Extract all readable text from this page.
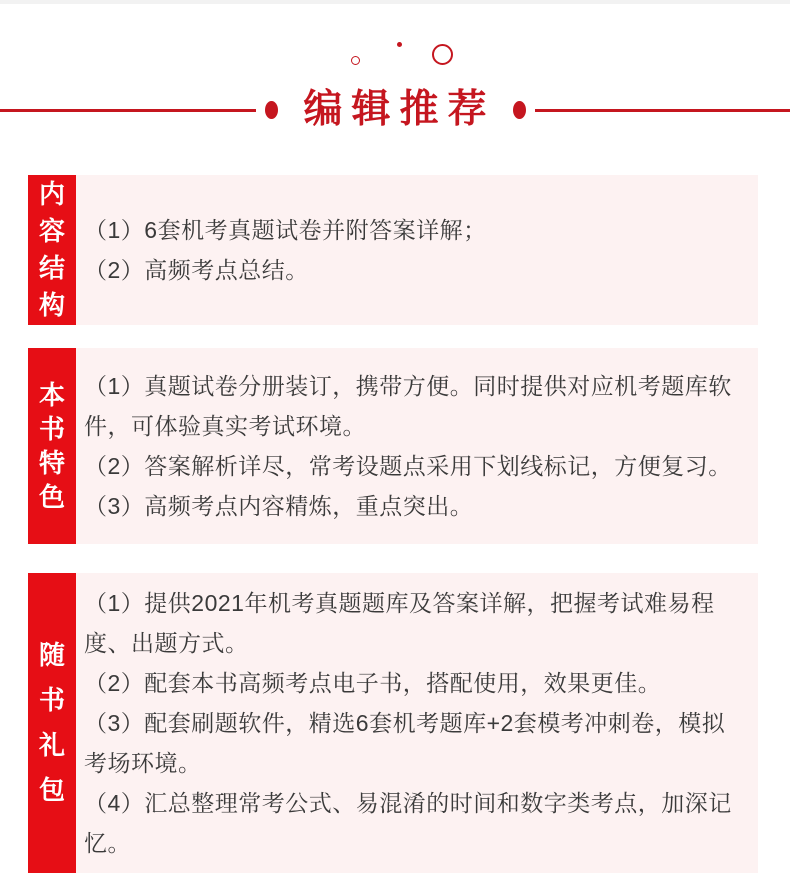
编辑推荐
内容结构

（1）6套机考真题试卷并附答案详解；

（2）高频考点总结。

本书特色

（1）真题试卷分册装订，携带方便。同时提供对应机考题库软件，可体验真实考试环境。

（2）答案解析详尽，常考设题点采用下划线标记，方便复习。

（3）高频考点内容精炼，重点突出。

随书礼包

（1）提供2021年机考真题题库及答案详解，把握考试难易程度、出题方式。

（2）配套本书高频考点电子书，搭配使用，效果更佳。

（3）配套刷题软件，精选6套机考题库+2套模考冲刺卷，模拟考场环境。

（4）汇总整理常考公式、易混淆的时间和数字类考点，加深记忆。
